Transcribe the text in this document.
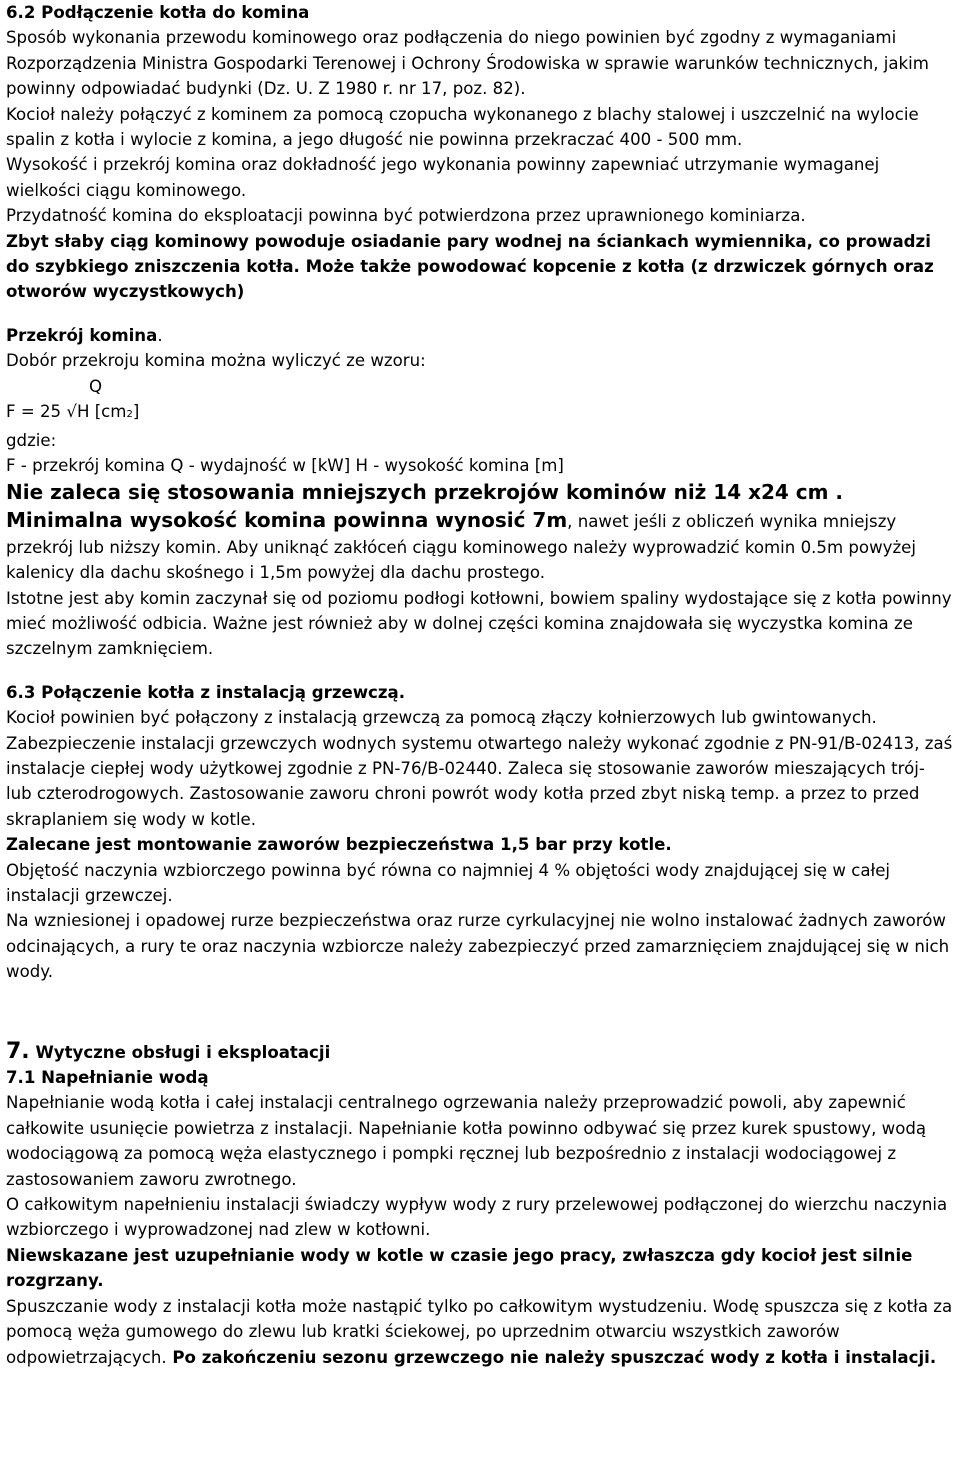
6.2 Podłączenie kotła do komina

Sposób wykonania przewodu kominowego oraz podłączenia do niego powinien być zgodny z wymaganiami Rozporządzenia Ministra Gospodarki Terenowej i Ochrony Środowiska w sprawie warunków technicznych, jakim powinny odpowiadać budynki (Dz. U. Z 1980 r. nr 17, poz. 82).

Kocioł należy połączyć z kominem za pomocą czopucha wykonanego z blachy stalowej i uszczelnić na wylocie spalin z kotła i wylocie z komina, a jego długość nie powinna przekraczać 400 - 500 mm.

Wysokość i przekrój komina oraz dokładność jego wykonania powinny zapewniać utrzymanie wymaganej wielkości ciągu kominowego.

Przydatność komina do eksploatacji powinna być potwierdzona przez uprawnionego kominiarza.

Zbyt słaby ciąg kominowy powoduje osiadanie pary wodnej na ściankach wymiennika, co prowadzi do szybkiego zniszczenia kotła. Może także powodować kopcenie z kotła (z drzwiczek górnych oraz otworów wyczystkowych)

Przekrój komina.

Dobór przekroju komina można wyliczyć ze wzoru:

Q

F = 25 √H [cm2]

gdzie:

F - przekrój komina Q - wydajność w [kW] H - wysokość komina [m]

Nie zaleca się stosowania mniejszych przekrojów kominów niż 14 x24 cm .

Minimalna wysokość komina powinna wynosić 7m, nawet jeśli z obliczeń wynika mniejszy przekrój lub niższy komin. Aby uniknąć zakłóceń ciągu kominowego należy wyprowadzić komin 0.5m powyżej kalenicy dla dachu skośnego i 1,5m powyżej dla dachu prostego.

Istotne jest aby komin zaczynał się od poziomu podłogi kotłowni, bowiem spaliny wydostające się z kotła powinny mieć możliwość odbicia. Ważne jest również aby w dolnej części komina znajdowała się wyczystka komina ze szczelnym zamknięciem.

6.3 Połączenie kotła z instalacją grzewczą.

Kocioł powinien być połączony z instalacją grzewczą za pomocą złączy kołnierzowych lub gwintowanych.

Zabezpieczenie instalacji grzewczych wodnych systemu otwartego należy wykonać zgodnie z PN-91/B-02413, zaś instalacje ciepłej wody użytkowej zgodnie z PN-76/B-02440. Zaleca się stosowanie zaworów mieszających trój- lub czterodrogowych. Zastosowanie zaworu chroni powrót wody kotła przed zbyt niską temp. a przez to przed skraplaniem się wody w kotle.

Zalecane jest montowanie zaworów bezpieczeństwa 1,5 bar przy kotle.

Objętość naczynia wzbiorczego powinna być równa co najmniej 4 % objętości wody znajdującej się w całej instalacji grzewczej.

Na wzniesionej i opadowej rurze bezpieczeństwa oraz rurze cyrkulacyjnej nie wolno instalować żadnych zaworów odcinających, a rury te oraz naczynia wzbiorcze należy zabezpieczyć przed zamarznięciem znajdującej się w nich wody.

7. Wytyczne obsługi i eksploatacji
7.1 Napełnianie wodą

Napełnianie wodą kotła i całej instalacji centralnego ogrzewania należy przeprowadzić powoli, aby zapewnić całkowite usunięcie powietrza z instalacji. Napełnianie kotła powinno odbywać się przez kurek spustowy, wodą wodociągową za pomocą węża elastycznego i pompki ręcznej lub bezpośrednio z instalacji wodociągowej z zastosowaniem zaworu zwrotnego.

O całkowitym napełnieniu instalacji świadczy wypływ wody z rury przelewowej podłączonej do wierzchu naczynia wzbiorczego i wyprowadzonej nad zlew w kotłowni.

Niewskazane jest uzupełnianie wody w kotle w czasie jego pracy, zwłaszcza gdy kocioł jest silnie rozgrzany.

Spuszczanie wody z instalacji kotła może nastąpić tylko po całkowitym wystudzeniu. Wodę spuszcza się z kotła za pomocą węża gumowego do zlewu lub kratki ściekowej, po uprzednim otwarciu wszystkich zaworów odpowietrzających. Po zakończeniu sezonu grzewczego nie należy spuszczać wody z kotła i instalacji.
